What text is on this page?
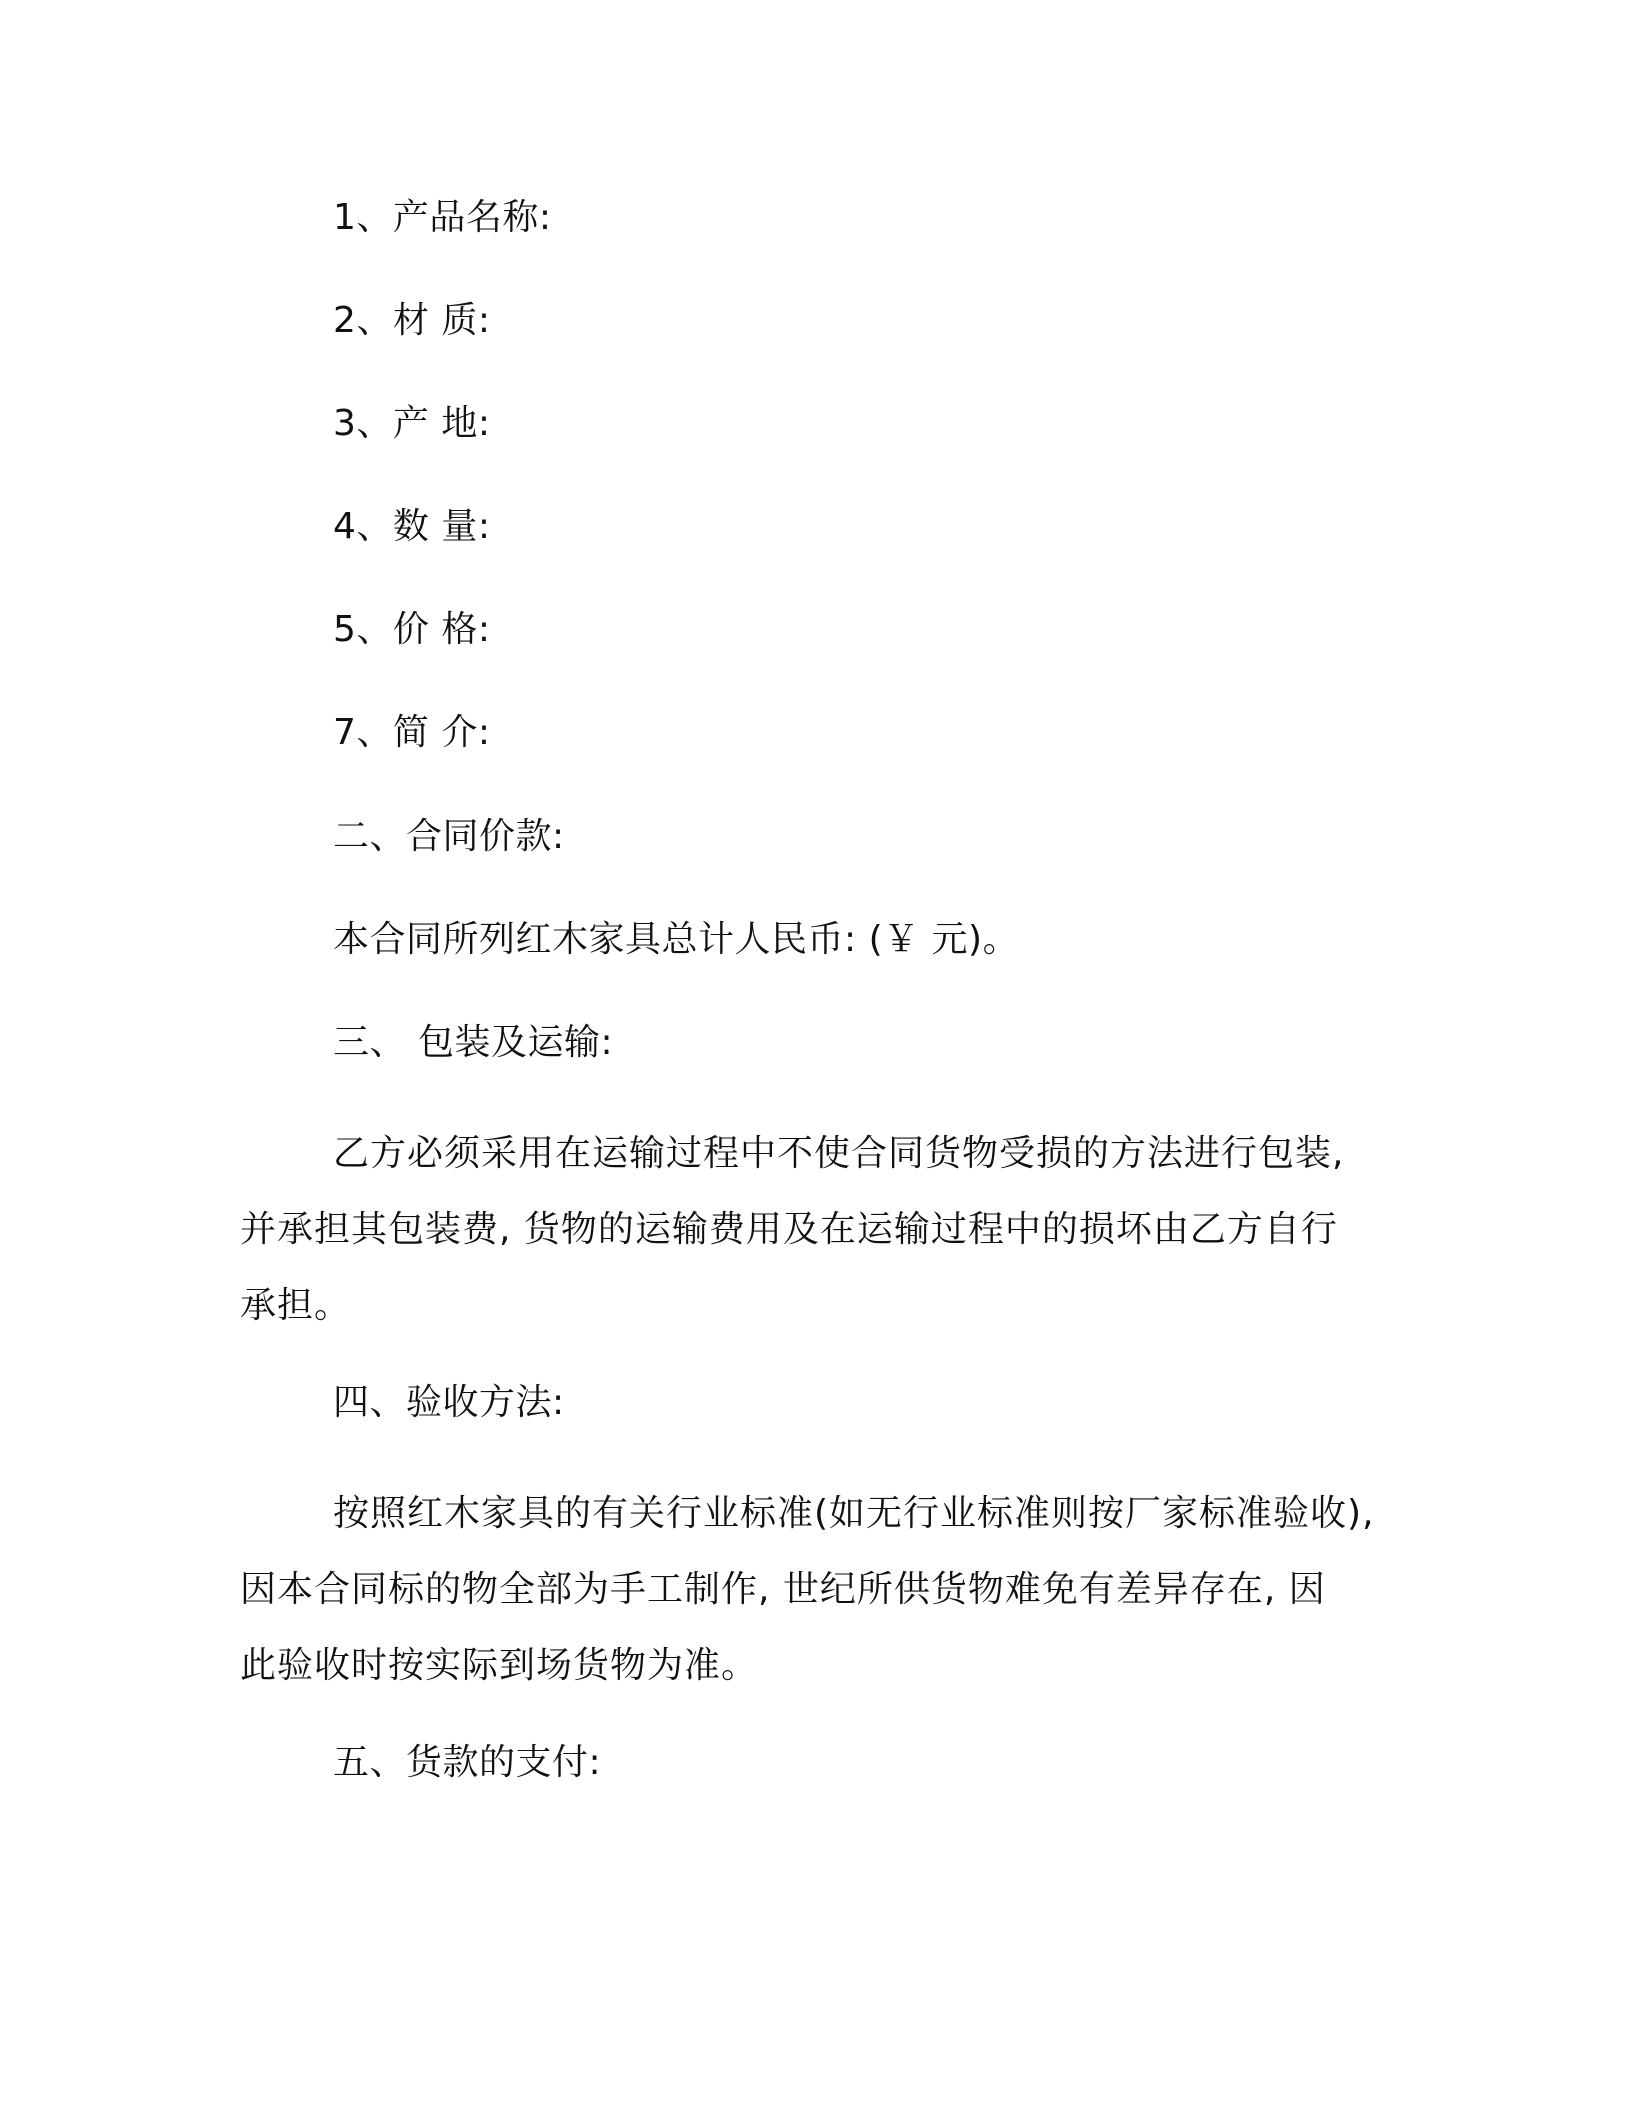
1、产品名称:
2、材 质:
3、产 地:
4、数 量:
5、价 格:
7、简 介:
二、合同价款:
本合同所列红木家具总计人民币: (￥ 元)。
三、 包装及运输:
乙方必须采用在运输过程中不使合同货物受损的方法进行包装,
并承担其包装费, 货物的运输费用及在运输过程中的损坏由乙方自行
承担。
四、验收方法:
按照红木家具的有关行业标准(如无行业标准则按厂家标准验收),
因本合同标的物全部为手工制作, 世纪所供货物难免有差异存在, 因
此验收时按实际到场货物为准。
五、货款的支付:
